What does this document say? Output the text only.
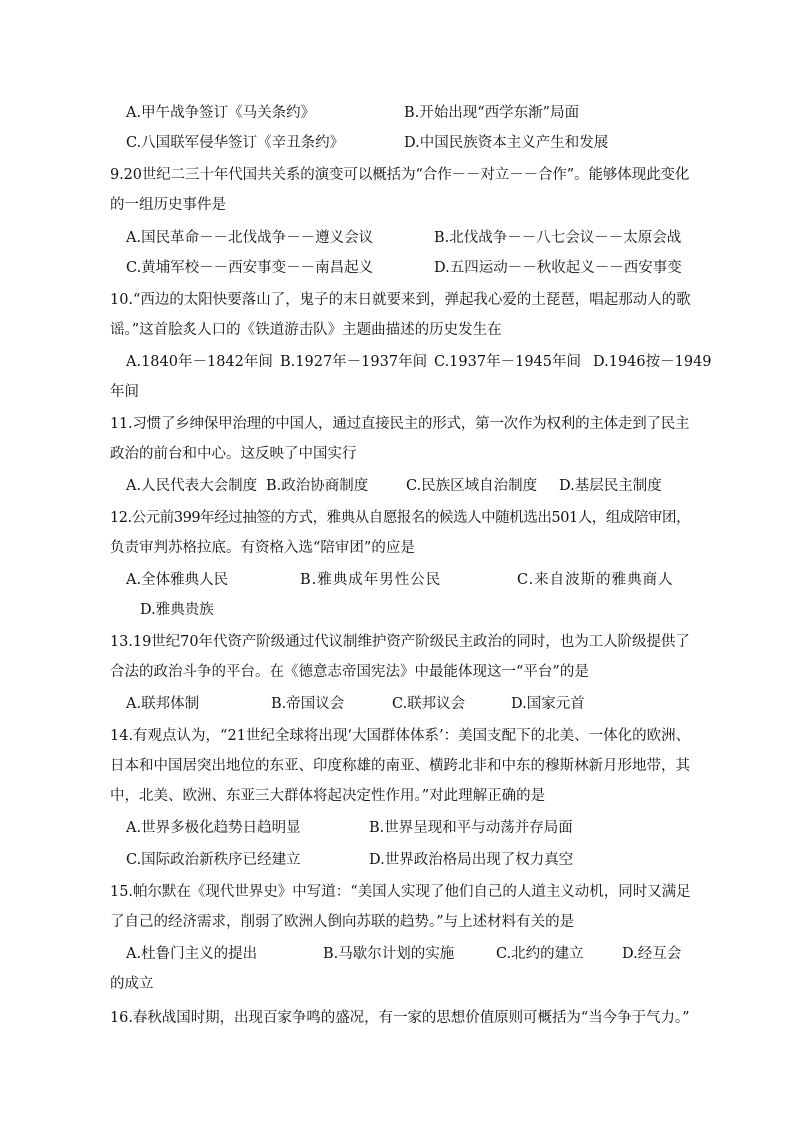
A.甲午战争签订《马关条约》	B.开始出现“西学东渐”局面
C.八国联军侵华签订《辛丑条约》	D.中国民族资本主义产生和发展
9.20世纪二三十年代国共关系的演变可以概括为“合作－－对立－－合作”。能够体现此变化
的一组历史事件是
A.国民革命－－北伐战争－－遵义会议	B.北伐战争－－八七会议－－太原会战
C.黄埔军校－－西安事变－－南昌起义	D.五四运动－－秋收起义－－西安事变
10.“西边的太阳快要落山了，鬼子的末日就要来到，弹起我心爱的土琵琶，唱起那动人的歌
谣。”这首脍炙人口的《铁道游击队》主题曲描述的历史发生在
A.1840年－1842年间 B.1927年－1937年间 C.1937年－1945年间 D.1946按－1949
年间
11.习惯了乡绅保甲治理的中国人，通过直接民主的形式，第一次作为权利的主体走到了民主
政治的前台和中心。这反映了中国实行
A.人民代表大会制度 B.政治协商制度	C.民族区域自治制度 D.基层民主制度
12.公元前399年经过抽签的方式，雅典从自愿报名的候选人中随机选出501人，组成陪审团，
负责审判苏格拉底。有资格入选“陪审团”的应是
A.全体雅典人民	B.雅典成年男性公民	C.来自波斯的雅典商人
D.雅典贵族
13.19世纪70年代资产阶级通过代议制维护资产阶级民主政治的同时，也为工人阶级提供了
合法的政治斗争的平台。在《德意志帝国宪法》中最能体现这一“平台”的是
A.联邦体制	B.帝国议会	C.联邦议会	D.国家元首
14.有观点认为，“21世纪全球将出现‘大国群体体系’：美国支配下的北美、一体化的欧洲、
日本和中国居突出地位的东亚、印度称雄的南亚、横跨北非和中东的穆斯林新月形地带，其
中，北美、欧洲、东亚三大群体将起决定性作用。”对此理解正确的是
A.世界多极化趋势日趋明显	B.世界呈现和平与动荡并存局面
C.国际政治新秩序已经建立	D.世界政治格局出现了权力真空
15.帕尔默在《现代世界史》中写道：“美国人实现了他们自己的人道主义动机，同时又满足
了自己的经济需求，削弱了欧洲人倒向苏联的趋势。”与上述材料有关的是
A.杜鲁门主义的提出	B.马歇尔计划的实施	C.北约的建立	D.经互会
的成立
16.春秋战国时期，出现百家争鸣的盛况，有一家的思想价值原则可概括为“当今争于气力。”
